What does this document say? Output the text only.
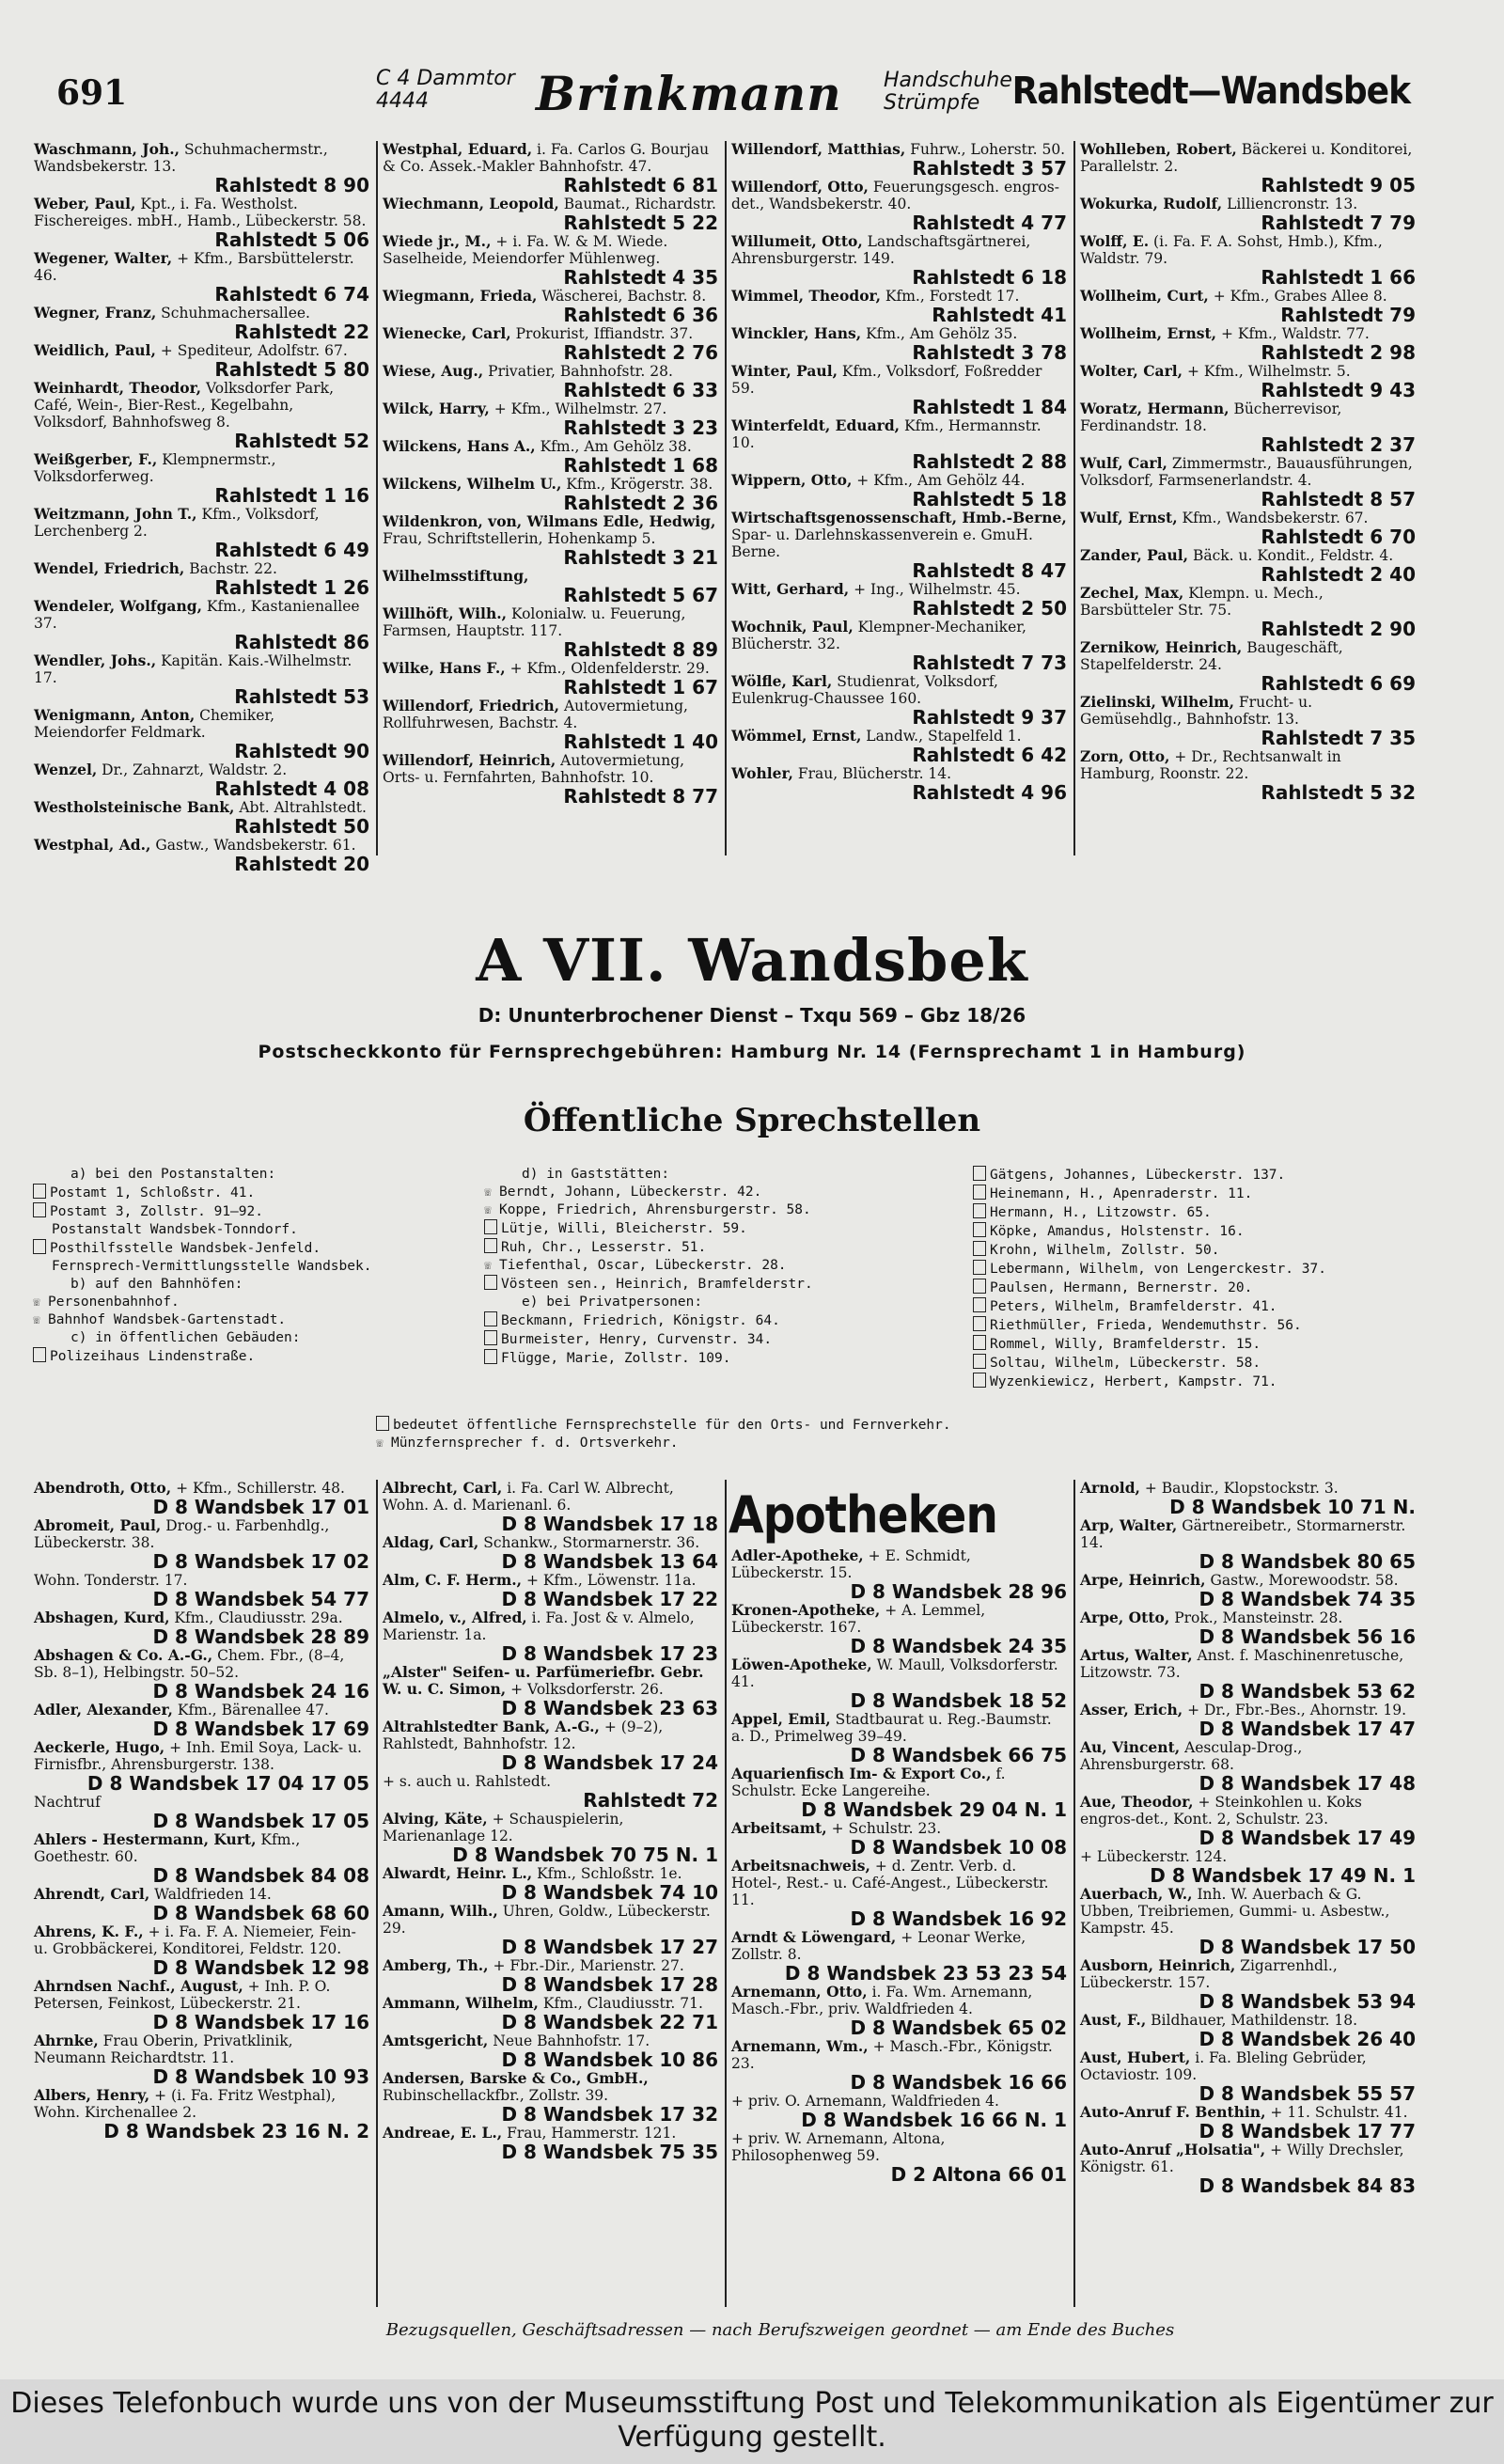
691	C 4 Dammtor 4444	Brinkmann Handschuhe Strümpfe Rahlstedt—Wandsbek
Waschmann, Joh., Schuhmachermstr., Wandsbekerstr. 13.
Rahlstedt 8 90
Weber, Paul, Kpt., i. Fa. Westholst. Fischereiges. mbH., Hamb., Lübeckerstr. 58.
Rahlstedt 5 06
Wegener, Walter, + Kfm., Barsbüttelerstr. 46.
Rahlstedt 6 74
Wegner, Franz, Schuhmachersallee.
Rahlstedt 22
Weidlich, Paul, + Spediteur, Adolfstr. 67.
Rahlstedt 5 80
Weinhardt, Theodor, Volksdorfer Park, Café, Wein-, Bier-Rest., Kegelbahn, Volksdorf, Bahnhofsweg 8.
Rahlstedt 52
Weißgerber, F., Klempnermstr., Volksdorferweg.
Rahlstedt 1 16
Weitzmann, John T., Kfm., Volksdorf, Lerchenberg 2.
Rahlstedt 6 49
Wendel, Friedrich, Bachstr. 22.
Rahlstedt 1 26
Wendeler, Wolfgang, Kfm., Kastanienallee 37.
Rahlstedt 86
Wendler, Johs., Kapitän. Kais.-Wilhelmstr. 17.
Rahlstedt 53
Wenigmann, Anton, Chemiker, Meiendorfer Feldmark.
Rahlstedt 90
Wenzel, Dr., Zahnarzt, Waldstr. 2.
Rahlstedt 4 08
Westholsteinische Bank, Abt. Altrahlstedt.
Rahlstedt 50
Westphal, Ad., Gastw., Wandsbekerstr. 61.
Rahlstedt 20
Westphal, Eduard, i. Fa. Carlos G. Bourjau & Co. Assek.-Makler Bahnhofstr. 47.
Rahlstedt 6 81
Wiechmann, Leopold, Baumat., Richardstr.
Rahlstedt 5 22
Wiede jr., M., + i. Fa. W. & M. Wiede. Saselheide, Meiendorfer Mühlenweg.
Rahlstedt 4 35
Wiegmann, Frieda, Wäscherei, Bachstr. 8.
Rahlstedt 6 36
Wienecke, Carl, Prokurist, Iffiandstr. 37.
Rahlstedt 2 76
Wiese, Aug., Privatier, Bahnhofstr. 28.
Rahlstedt 6 33
Wilck, Harry, + Kfm., Wilhelmstr. 27.
Rahlstedt 3 23
Wilckens, Hans A., Kfm., Am Gehölz 38.
Rahlstedt 1 68
Wilckens, Wilhelm U., Kfm., Krögerstr. 38.
Rahlstedt 2 36
Wildenkron, von, Wilmans Edle, Hedwig, Frau, Schriftstellerin, Hohenkamp 5.
Rahlstedt 3 21
Wilhelmsstiftung,
Rahlstedt 5 67
Willhöft, Wilh., Kolonialw. u. Feuerung, Farmsen, Hauptstr. 117.
Rahlstedt 8 89
Wilke, Hans F., + Kfm., Oldenfelderstr. 29.
Rahlstedt 1 67
Willendorf, Friedrich, Autovermietung, Rollfuhrwesen, Bachstr. 4.
Rahlstedt 1 40
Willendorf, Heinrich, Autovermietung, Orts- u. Fernfahrten, Bahnhofstr. 10.
Rahlstedt 8 77
Willendorf, Matthias, Fuhrw., Loherstr. 50.
Rahlstedt 3 57
Willendorf, Otto, Feuerungsgesch. engros-det., Wandsbekerstr. 40.
Rahlstedt 4 77
Willumeit, Otto, Landschaftsgärtnerei, Ahrensburgerstr. 149.
Rahlstedt 6 18
Wimmel, Theodor, Kfm., Forstedt 17.
Rahlstedt 41
Winckler, Hans, Kfm., Am Gehölz 35.
Rahlstedt 3 78
Winter, Paul, Kfm., Volksdorf, Foßredder 59.
Rahlstedt 1 84
Winterfeldt, Eduard, Kfm., Hermannstr. 10.
Rahlstedt 2 88
Wippern, Otto, + Kfm., Am Gehölz 44.
Rahlstedt 5 18
Wirtschaftsgenossenschaft, Hmb.-Berne, Spar- u. Darlehnskassenverein e. GmuH. Berne.
Rahlstedt 8 47
Witt, Gerhard, + Ing., Wilhelmstr. 45.
Rahlstedt 2 50
Wochnik, Paul, Klempner-Mechaniker, Blücherstr. 32.
Rahlstedt 7 73
Wölfle, Karl, Studienrat, Volksdorf, Eulenkrug-Chaussee 160.
Rahlstedt 9 37
Wömmel, Ernst, Landw., Stapelfeld 1.
Rahlstedt 6 42
Wohler, Frau, Blücherstr. 14.
Rahlstedt 4 96
Wohlleben, Robert, Bäckerei u. Konditorei, Parallelstr. 2.
Rahlstedt 9 05
Wokurka, Rudolf, Lilliencronstr. 13.
Rahlstedt 7 79
Wolff, E. (i. Fa. F. A. Sohst, Hmb.), Kfm., Waldstr. 79.
Rahlstedt 1 66
Wollheim, Curt, + Kfm., Grabes Allee 8.
Rahlstedt 79
Wollheim, Ernst, + Kfm., Waldstr. 77.
Rahlstedt 2 98
Wolter, Carl, + Kfm., Wilhelmstr. 5.
Rahlstedt 9 43
Woratz, Hermann, Bücherrevisor, Ferdinandstr. 18.
Rahlstedt 2 37
Wulf, Carl, Zimmermstr., Bauausführungen, Volksdorf, Farmsenerlandstr. 4.
Rahlstedt 8 57
Wulf, Ernst, Kfm., Wandsbekerstr. 67.
Rahlstedt 6 70
Zander, Paul, Bäck. u. Kondit., Feldstr. 4.
Rahlstedt 2 40
Zechel, Max, Klempn. u. Mech., Barsbütteler Str. 75.
Rahlstedt 2 90
Zernikow, Heinrich, Baugeschäft, Stapelfelderstr. 24.
Rahlstedt 6 69
Zielinski, Wilhelm, Frucht- u. Gemüsehdlg., Bahnhofstr. 13.
Rahlstedt 7 35
Zorn, Otto, + Dr., Rechtsanwalt in Hamburg, Roonstr. 22.
Rahlstedt 5 32
A VII. Wandsbek
D: Ununterbrochener Dienst – Txqu 569 – Gbz 18/26
Postscheckkonto für Fernsprechgebühren: Hamburg Nr. 14 (Fernsprechamt 1 in Hamburg)
Öffentliche Sprechstellen
a) bei den Postanstalten:
Postamt 1, Schloßstr. 41.
Postamt 3, Zollstr. 91—92.
Postanstalt Wandsbek-Tonndorf.
Posthilfsstelle Wandsbek-Jenfeld.
Fernsprech-Vermittlungsstelle Wandsbek.
b) auf den Bahnhöfen:
☏ Personenbahnhof.
☏ Bahnhof Wandsbek-Gartenstadt.
c) in öffentlichen Gebäuden:
Polizeihaus Lindenstraße.
d) in Gaststätten:
☏ Berndt, Johann, Lübeckerstr. 42.
☏ Koppe, Friedrich, Ahrensburgerstr. 58.
Lütje, Willi, Bleicherstr. 59.
Ruh, Chr., Lesserstr. 51.
☏ Tiefenthal, Oscar, Lübeckerstr. 28.
Vösteen sen., Heinrich, Bramfelderstr.
e) bei Privatpersonen:
Beckmann, Friedrich, Königstr. 64.
Burmeister, Henry, Curvenstr. 34.
Flügge, Marie, Zollstr. 109.
Gätgens, Johannes, Lübeckerstr. 137.
Heinemann, H., Apenraderstr. 11.
Hermann, H., Litzowstr. 65.
Köpke, Amandus, Holstenstr. 16.
Krohn, Wilhelm, Zollstr. 50.
Lebermann, Wilhelm, von Lengerckestr. 37.
Paulsen, Hermann, Bernerstr. 20.
Peters, Wilhelm, Bramfelderstr. 41.
Riethmüller, Frieda, Wendemuthstr. 56.
Rommel, Willy, Bramfelderstr. 15.
Soltau, Wilhelm, Lübeckerstr. 58.
Wyzenkiewicz, Herbert, Kampstr. 71.
bedeutet öffentliche Fernsprechstelle für den Orts- und Fernverkehr.
☏ Münzfernsprecher f. d. Ortsverkehr.
Abendroth, Otto, + Kfm., Schillerstr. 48.
D 8 Wandsbek 17 01
Abromeit, Paul, Drog.- u. Farbenhdlg., Lübeckerstr. 38.
D 8 Wandsbek 17 02
Wohn. Tonderstr. 17.
D 8 Wandsbek 54 77
Abshagen, Kurd, Kfm., Claudiusstr. 29a.
D 8 Wandsbek 28 89
Abshagen & Co. A.-G., Chem. Fbr., (8–4, Sb. 8–1), Helbingstr. 50–52.
D 8 Wandsbek 24 16
Adler, Alexander, Kfm., Bärenallee 47.
D 8 Wandsbek 17 69
Aeckerle, Hugo, + Inh. Emil Soya, Lack- u. Firnisfbr., Ahrensburgerstr. 138.
D 8 Wandsbek 17 04 17 05
Nachtruf
D 8 Wandsbek 17 05
Ahlers - Hestermann, Kurt, Kfm., Goethestr. 60.
D 8 Wandsbek 84 08
Ahrendt, Carl, Waldfrieden 14.
D 8 Wandsbek 68 60
Ahrens, K. F., + i. Fa. F. A. Niemeier, Fein- u. Grobbäckerei, Konditorei, Feldstr. 120.
D 8 Wandsbek 12 98
Ahrndsen Nachf., August, + Inh. P. O. Petersen, Feinkost, Lübeckerstr. 21.
D 8 Wandsbek 17 16
Ahrnke, Frau Oberin, Privatklinik, Neumann Reichardtstr. 11.
D 8 Wandsbek 10 93
Albers, Henry, + (i. Fa. Fritz Westphal), Wohn. Kirchenallee 2.
D 8 Wandsbek 23 16 N. 2
Albrecht, Carl, i. Fa. Carl W. Albrecht, Wohn. A. d. Marienanl. 6.
D 8 Wandsbek 17 18
Aldag, Carl, Schankw., Stormarnerstr. 36.
D 8 Wandsbek 13 64
Alm, C. F. Herm., + Kfm., Löwenstr. 11a.
D 8 Wandsbek 17 22
Almelo, v., Alfred, i. Fa. Jost & v. Almelo, Marienstr. 1a.
D 8 Wandsbek 17 23
„Alster" Seifen- u. Parfümeriefbr. Gebr. W. u. C. Simon, + Volksdorferstr. 26.
D 8 Wandsbek 23 63
Altrahlstedter Bank, A.-G., + (9–2), Rahlstedt, Bahnhofstr. 12.
D 8 Wandsbek 17 24
+ s. auch u. Rahlstedt.
Rahlstedt 72
Alving, Käte, + Schauspielerin, Marienanlage 12.
D 8 Wandsbek 70 75 N. 1
Alwardt, Heinr. L., Kfm., Schloßstr. 1e.
D 8 Wandsbek 74 10
Amann, Wilh., Uhren, Goldw., Lübeckerstr. 29.
D 8 Wandsbek 17 27
Amberg, Th., + Fbr.-Dir., Marienstr. 27.
D 8 Wandsbek 17 28
Ammann, Wilhelm, Kfm., Claudiusstr. 71.
D 8 Wandsbek 22 71
Amtsgericht, Neue Bahnhofstr. 17.
D 8 Wandsbek 10 86
Andersen, Barske & Co., GmbH., Rubinschellackfbr., Zollstr. 39.
D 8 Wandsbek 17 32
Andreae, E. L., Frau, Hammerstr. 121.
D 8 Wandsbek 75 35
Adler-Apotheke, + E. Schmidt, Lübeckerstr. 15.
D 8 Wandsbek 28 96
Kronen-Apotheke, + A. Lemmel, Lübeckerstr. 167.
D 8 Wandsbek 24 35
Löwen-Apotheke, W. Maull, Volksdorferstr. 41.
D 8 Wandsbek 18 52
Appel, Emil, Stadtbaurat u. Reg.-Baumstr. a. D., Primelweg 39–49.
D 8 Wandsbek 66 75
Aquarienfisch Im- & Export Co., f. Schulstr. Ecke Langereihe.
D 8 Wandsbek 29 04 N. 1
Arbeitsamt, + Schulstr. 23.
D 8 Wandsbek 10 08
Arbeitsnachweis, + d. Zentr. Verb. d. Hotel-, Rest.- u. Café-Angest., Lübeckerstr. 11.
D 8 Wandsbek 16 92
Arndt & Löwengard, + Leonar Werke, Zollstr. 8.
D 8 Wandsbek 23 53 23 54
Arnemann, Otto, i. Fa. Wm. Arnemann, Masch.-Fbr., priv. Waldfrieden 4.
D 8 Wandsbek 65 02
Arnemann, Wm., + Masch.-Fbr., Königstr. 23.
D 8 Wandsbek 16 66
+ priv. O. Arnemann, Waldfrieden 4.
D 8 Wandsbek 16 66 N. 1
+ priv. W. Arnemann, Altona, Philosophenweg 59.
D 2 Altona 66 01
Arnold, + Baudir., Klopstockstr. 3.
D 8 Wandsbek 10 71 N.
Arp, Walter, Gärtnereibetr., Stormarnerstr. 14.
D 8 Wandsbek 80 65
Arpe, Heinrich, Gastw., Morewoodstr. 58.
D 8 Wandsbek 74 35
Arpe, Otto, Prok., Mansteinstr. 28.
D 8 Wandsbek 56 16
Artus, Walter, Anst. f. Maschinenretusche, Litzowstr. 73.
D 8 Wandsbek 53 62
Asser, Erich, + Dr., Fbr.-Bes., Ahornstr. 19.
D 8 Wandsbek 17 47
Au, Vincent, Aesculap-Drog., Ahrensburgerstr. 68.
D 8 Wandsbek 17 48
Aue, Theodor, + Steinkohlen u. Koks engros-det., Kont. 2, Schulstr. 23.
D 8 Wandsbek 17 49
+ Lübeckerstr. 124.
D 8 Wandsbek 17 49 N. 1
Auerbach, W., Inh. W. Auerbach & G. Ubben, Treibriemen, Gummi- u. Asbestw., Kampstr. 45.
D 8 Wandsbek 17 50
Ausborn, Heinrich, Zigarrenhdl., Lübeckerstr. 157.
D 8 Wandsbek 53 94
Aust, F., Bildhauer, Mathildenstr. 18.
D 8 Wandsbek 26 40
Aust, Hubert, i. Fa. Bleling Gebrüder, Octaviostr. 109.
D 8 Wandsbek 55 57
Auto-Anruf F. Benthin, + 11. Schulstr. 41.
D 8 Wandsbek 17 77
Auto-Anruf „Holsatia", + Willy Drechsler, Königstr. 61.
D 8 Wandsbek 84 83
Apotheken
Bezugsquellen, Geschäftsadressen — nach Berufszweigen geordnet — am Ende des Buches
Dieses Telefonbuch wurde uns von der Museumsstiftung Post und Telekommunikation als Eigentümer zur Verfügung gestellt.
